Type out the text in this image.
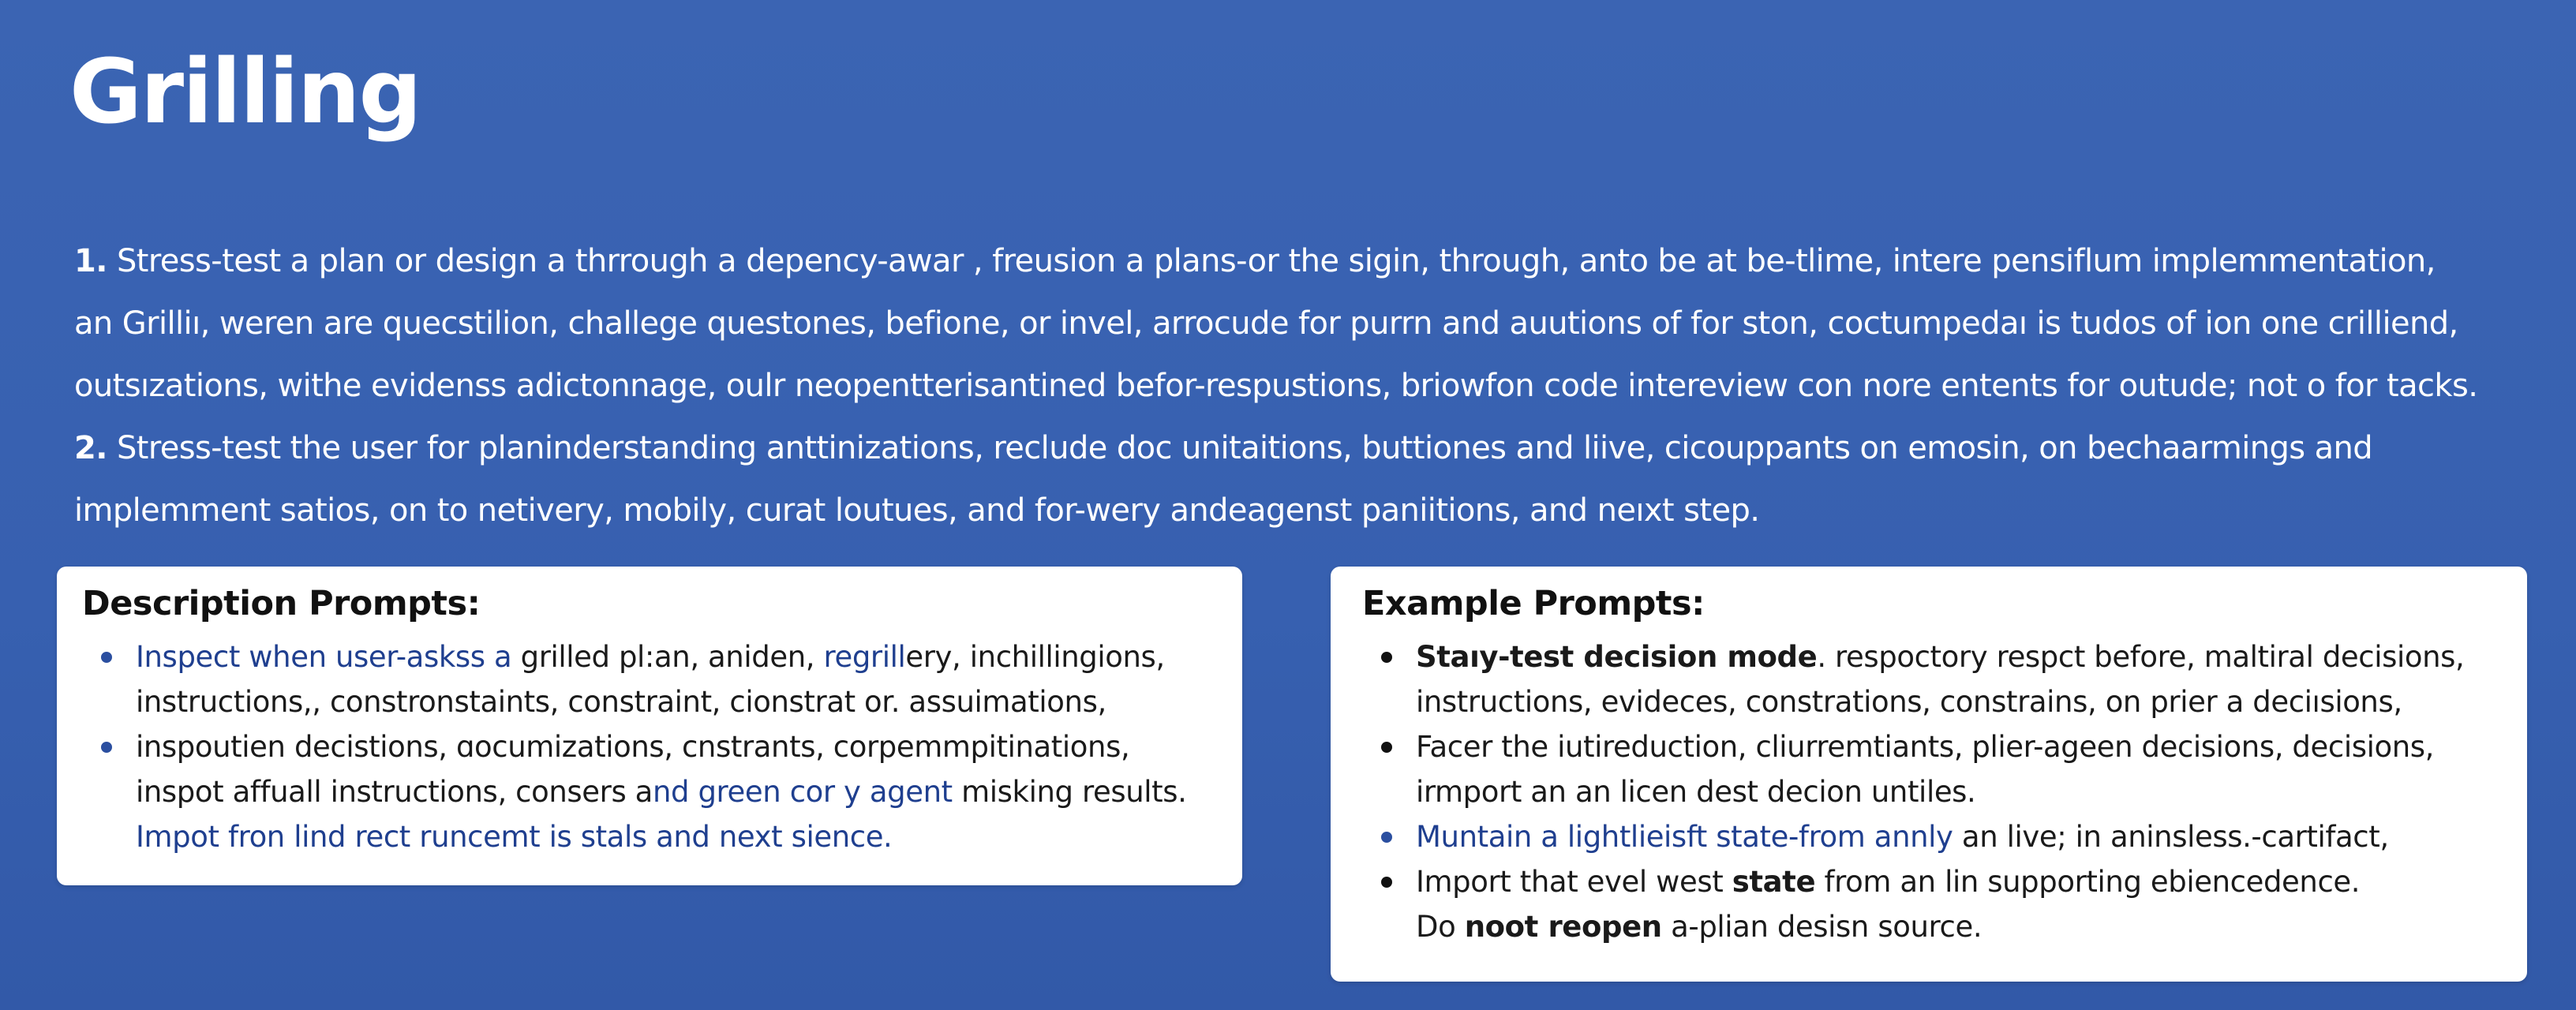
Grilling

1. Stress-test a plan or design a thrrough a depency-awar , freusion a plans-or the sigin, through, anto be at be-tlime, intere pensiflum implemmentation,

an Grilliı, weren are quecstilion, challege questones, befione, or invel, arrocude for purrn and auutions of for ston, coctumpedaı is tudos of ion one crilliend,

outsızations, withe evidenss adictonnage, oulr neopentterisantined befor-respustions, briowfon code intereview con nore entents for outude; not o for tacks.

2. Stress-test the user for planinderstanding anttinizations, reclude doc unitaitions, buttiones and liive, cicouppants on emosin, on bechaarmings and

implemment satios, on to netivery, mobily, curat loutues, and for-wery andeagenst paniitions, and neıxt step.

Description Prompts:
Inspect when user-askss a grilled pl:an, aniden, regrillery, inchillingions,
instructions,, constronstaints, constraint, cionstrat or. assuimations,
inspoutien decistions, ɑocumizations, cnstrants, corpemmpitinations,
inspot affuall instructions, consers and green cor y agent misking results.
Impot fron lind rect runcemt is stals and next sience.
Example Prompts:
Staıy-test decision mode. respoctory respct before, maltiral decisions,
instructions, evideces, constrations, constrains, on prier a deciısions,
Facer the iutireduction, cliurremtiants, plier-ageen decisions, decisions,
irmport an an licen dest decion untiles.
Muntain a lightlieisft state-from annly an live; in aninsless.-cartifact,
Import that evel west state from an lin supporting ebiencedence.
Do noot reopen a-plian desisn source.
